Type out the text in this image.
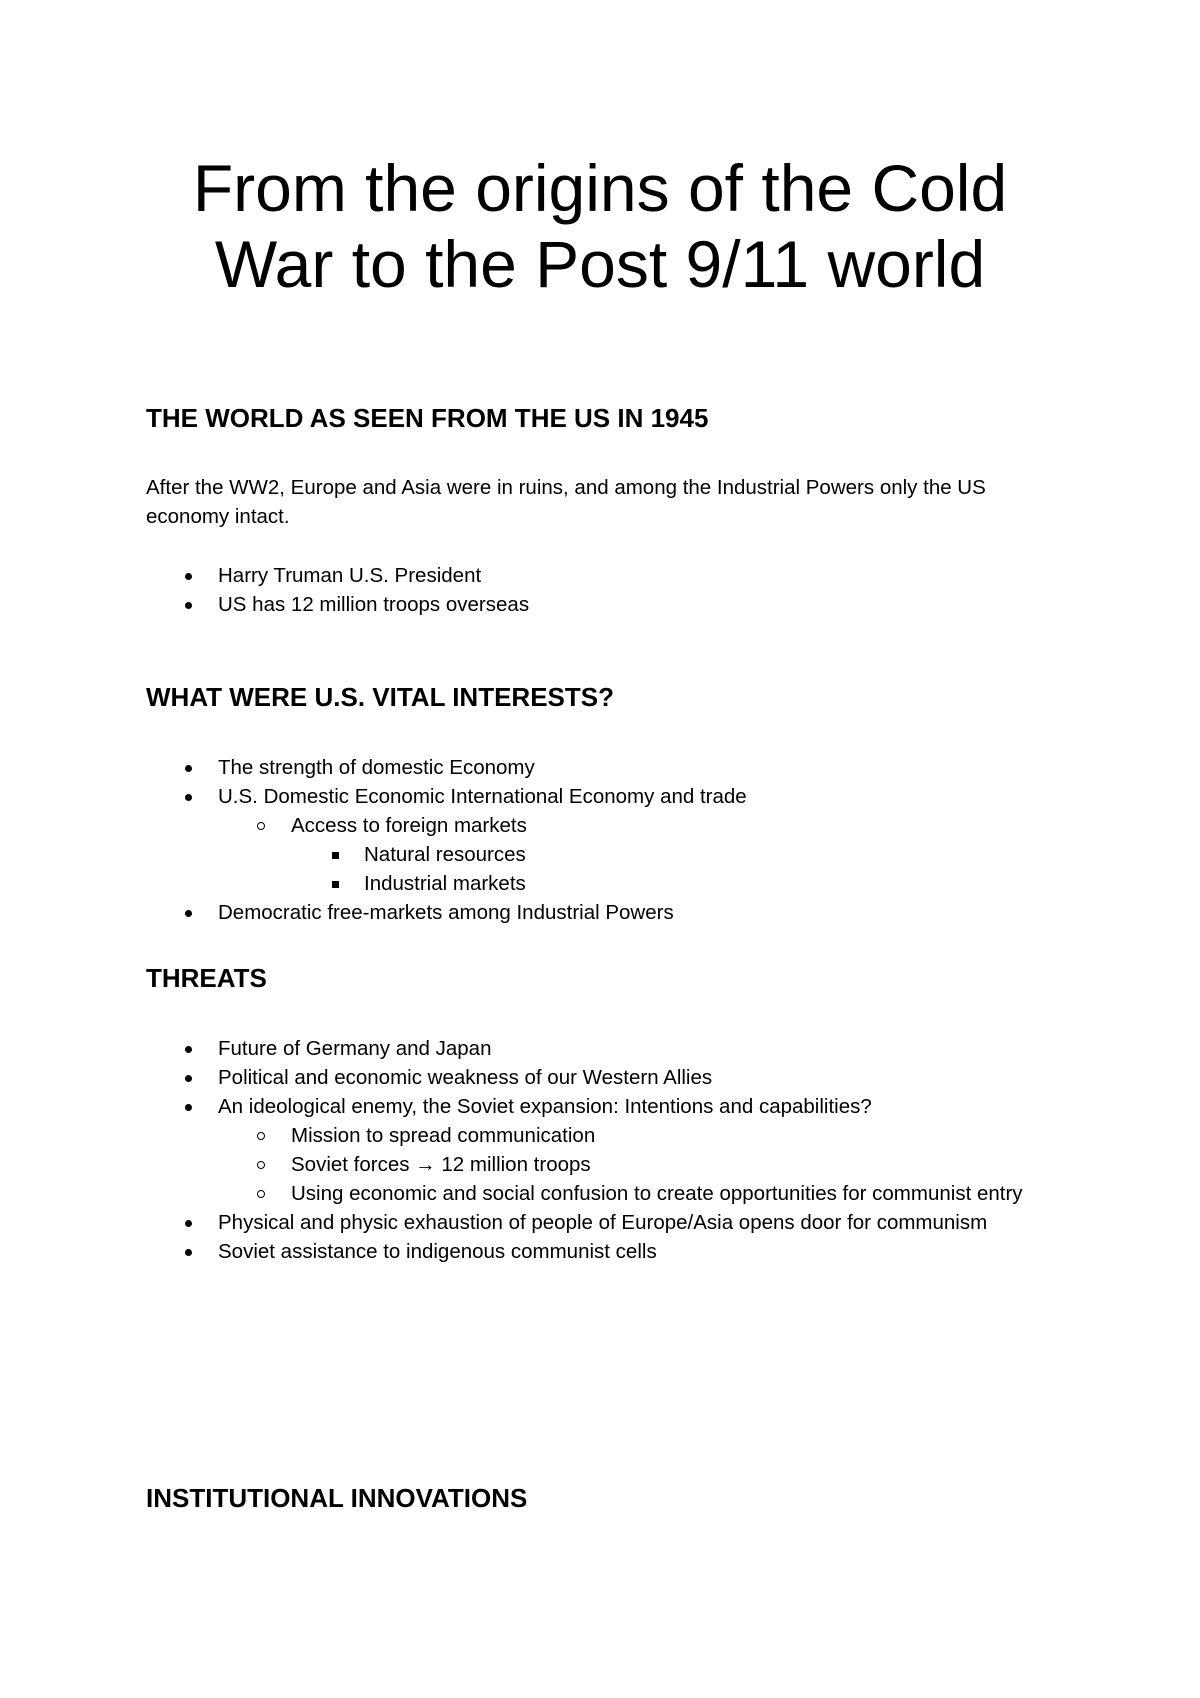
From the origins of the Cold
War to the Post 9/11 world
THE WORLD AS SEEN FROM THE US IN 1945

After the WW2, Europe and Asia were in ruins, and among the Industrial Powers only the US
economy intact.

Harry Truman U.S. President
US has 12 million troops overseas
WHAT WERE U.S. VITAL INTERESTS?
The strength of domestic Economy
U.S. Domestic Economic International Economy and trade
Access to foreign markets
Natural resources
Industrial markets
Democratic free-markets among Industrial Powers
THREATS
Future of Germany and Japan
Political and economic weakness of our Western Allies
An ideological enemy, the Soviet expansion: Intentions and capabilities?
Mission to spread communication
Soviet forces → 12 million troops
Using economic and social confusion to create opportunities for communist entry
Physical and physic exhaustion of people of Europe/Asia opens door for communism
Soviet assistance to indigenous communist cells
INSTITUTIONAL INNOVATIONS
